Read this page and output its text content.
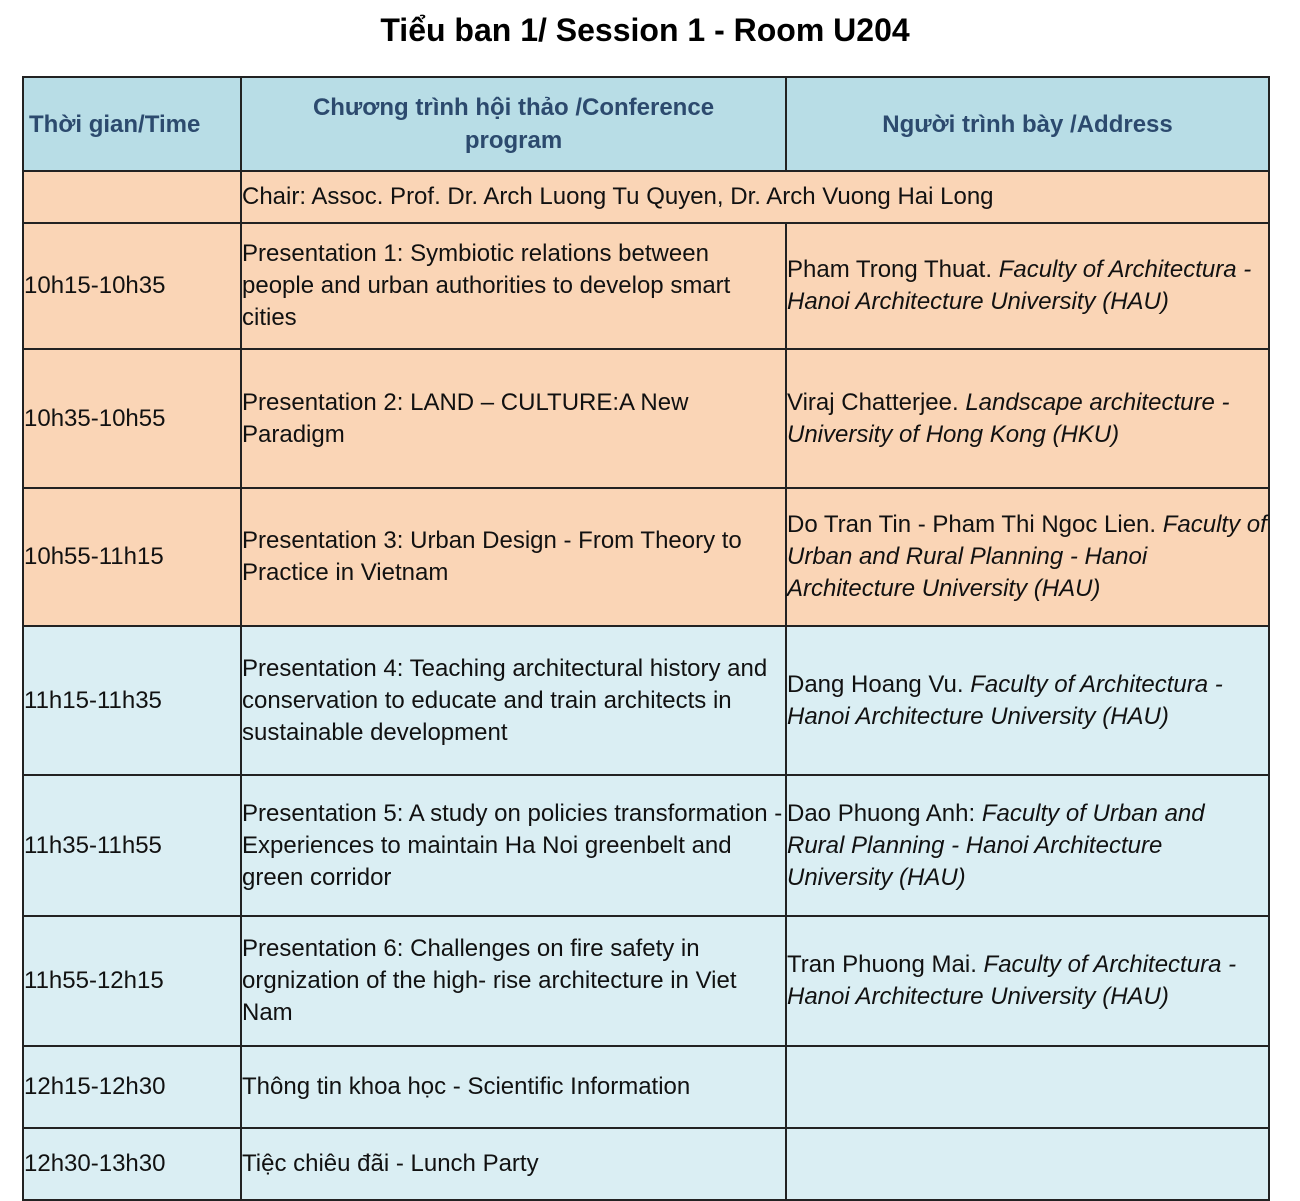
Tiểu ban 1/ Session 1 - Room U204
Thời gian/Time	Chương trình hội thảo /Conference program	Người trình bày /Address
	Chair: Assoc. Prof. Dr. Arch Luong Tu Quyen, Dr. Arch Vuong Hai Long	
10h15-10h35	Presentation 1: Symbiotic relations between people and urban authorities to develop smart cities	Pham Trong Thuat. Faculty of Architectura - Hanoi Architecture University (HAU)
10h35-10h55	Presentation 2: LAND – CULTURE:A New Paradigm	Viraj Chatterjee. Landscape architecture - University of Hong Kong (HKU)
10h55-11h15	Presentation 3: Urban Design - From Theory to Practice in Vietnam	Do Tran Tin - Pham Thi Ngoc Lien. Faculty of Urban and Rural Planning - Hanoi Architecture University (HAU)
11h15-11h35	Presentation 4: Teaching architectural history and conservation to educate and train architects in sustainable development	Dang Hoang Vu. Faculty of Architectura - Hanoi Architecture University (HAU)
11h35-11h55	Presentation 5: A study on policies transformation - Experiences to maintain Ha Noi greenbelt and green corridor	Dao Phuong Anh: Faculty of Urban and Rural Planning - Hanoi Architecture University (HAU)
11h55-12h15	Presentation 6: Challenges on fire safety in orgnization of the high- rise architecture in Viet Nam	Tran Phuong Mai. Faculty of Architectura - Hanoi Architecture University (HAU)
12h15-12h30	Thông tin khoa học - Scientific Information	
12h30-13h30	Tiệc chiêu đãi - Lunch Party	
